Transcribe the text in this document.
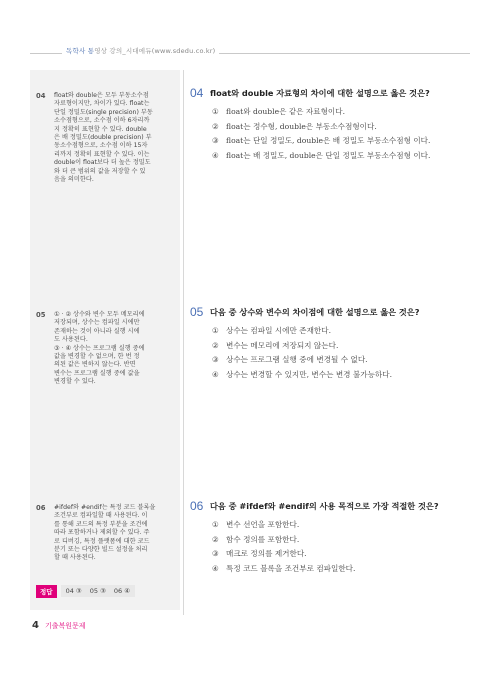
독학사 통영상 강의_시대에듀(www.sdedu.co.kr)
04 float와 double은 모두 부동소수점
자료형이지만, 차이가 있다. float는
단일 정밀도(single precision) 부동
소수점형으로, 소수점 이하 6자리까
지 정확히 표현할 수 있다. double
은 배 정밀도(double precision) 부
동소수점형으로, 소수점 이하 15자
리까지 정확히 표현할 수 있다. 이는
double이 float보다 더 높은 정밀도
와 더 큰 범위의 값을 저장할 수 있
음을 의미한다.
05 ① · ② 상수와 변수 모두 메모리에
저장되며, 상수는 컴파일 시에만
존재하는 것이 아니라 실행 시에
도 사용된다.
③ · ④ 상수는 프로그램 실행 중에
값을 변경할 수 없으며, 한 번 정
의된 값은 변하지 않는다. 반면
변수는 프로그램 실행 중에 값을
변경할 수 있다.
06 #ifdef와 #endif는 특정 코드 블록을
조건부로 컴파일할 때 사용된다. 이
를 통해 코드의 특정 부분을 조건에
따라 포함하거나 제외할 수 있다. 주
로 디버깅, 특정 플랫폼에 대한 코드
분기 또는 다양한 빌드 설정을 처리
할 때 사용된다.
04 float와 double 자료형의 차이에 대한 설명으로 옳은 것은?
① float와 double은 같은 자료형이다.
② float는 정수형, double은 부동소수점형이다.
③ float는 단일 정밀도, double은 배 정밀도 부동소수점형 이다.
④ float는 배 정밀도, double은 단일 정밀도 부동소수점형 이다.
05 다음 중 상수와 변수의 차이점에 대한 설명으로 옳은 것은?
① 상수는 컴파일 시에만 존재한다.
② 변수는 메모리에 저장되지 않는다.
③ 상수는 프로그램 실행 중에 변경될 수 없다.
④ 상수는 변경할 수 있지만, 변수는 변경 불가능하다.
06 다음 중 #ifdef와 #endif의 사용 목적으로 가장 적절한 것은?
① 변수 선언을 포함한다.
② 함수 정의를 포함한다.
③ 매크로 정의를 제거한다.
④ 특정 코드 블록을 조건부로 컴파일한다.
정답	04 ③ 05 ③ 06 ④
4 기출복원문제
